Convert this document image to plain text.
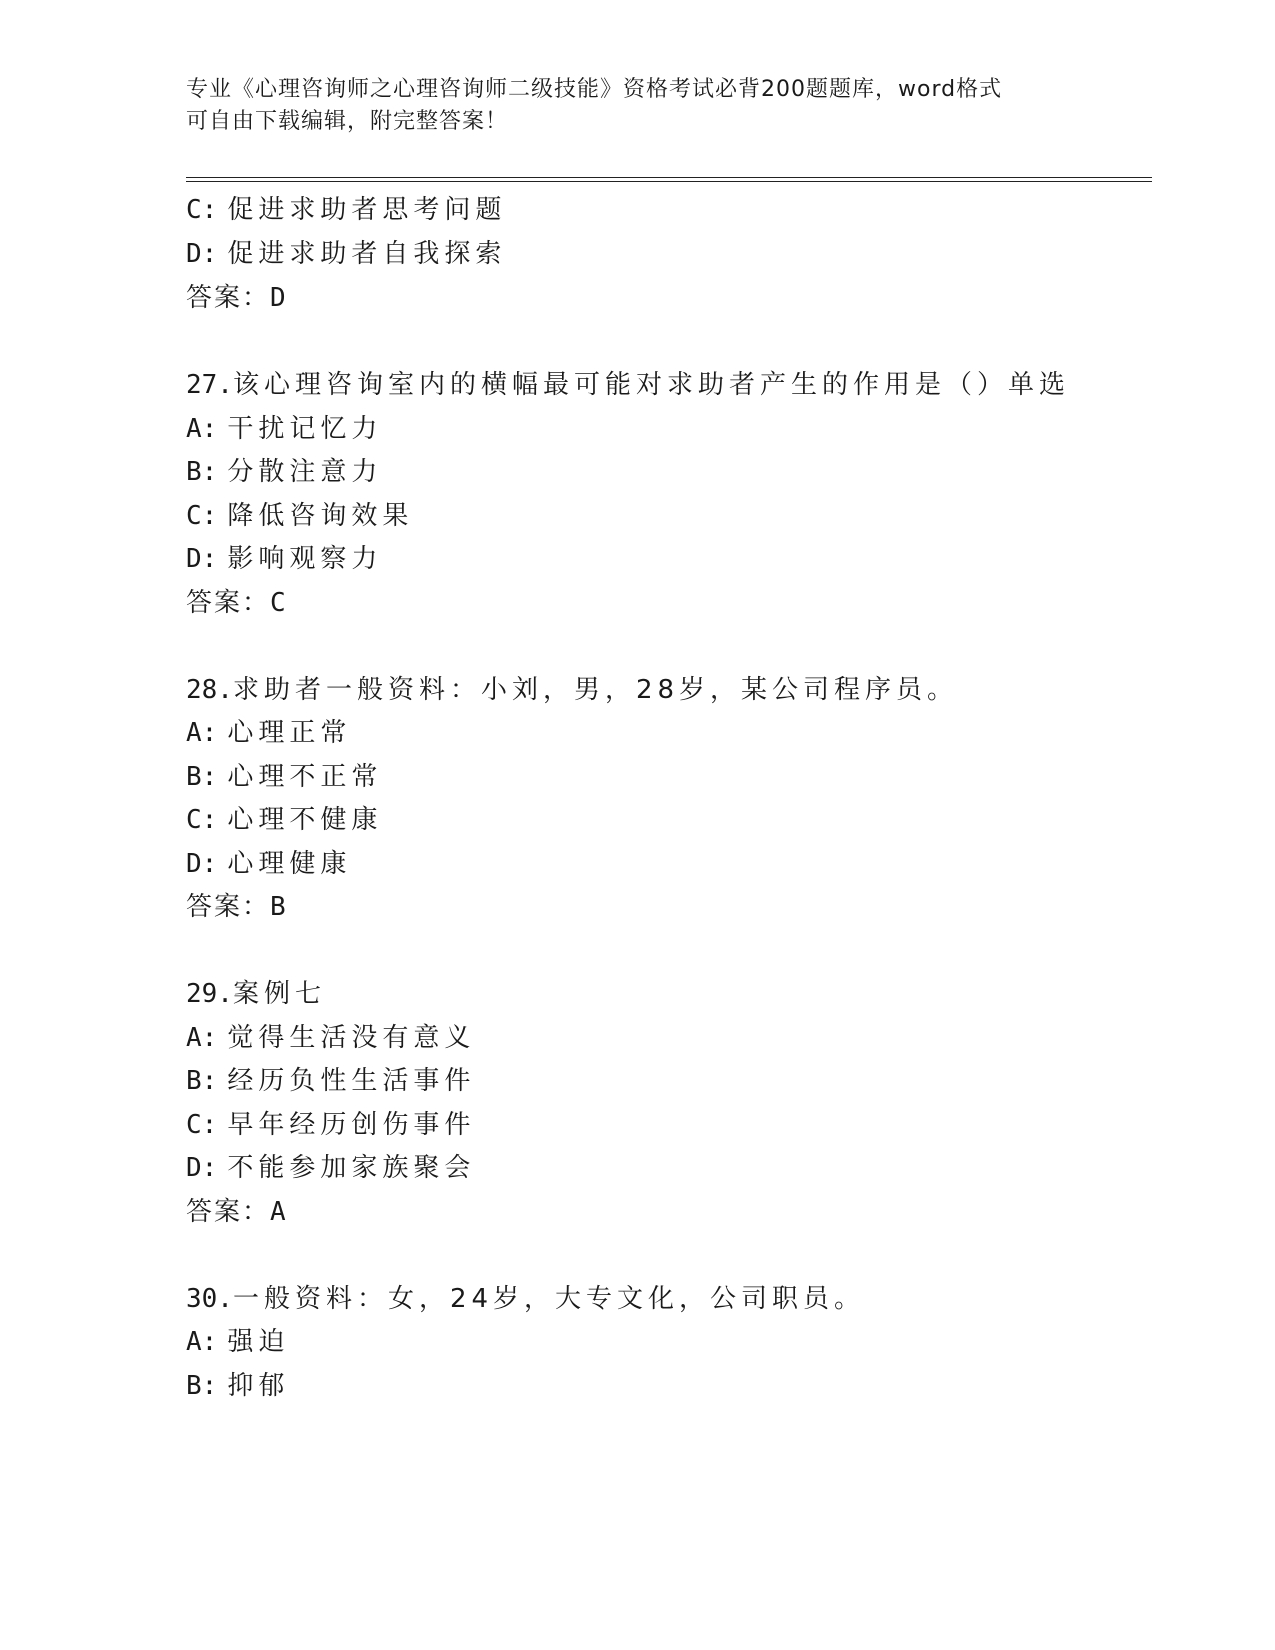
专业《心理咨询师之心理咨询师二级技能》资格考试必背200题题库，word格式
可自由下载编辑，附完整答案！
C: 促进求助者思考问题
D: 促进求助者自我探索
答案：D
27.该心理咨询室内的横幅最可能对求助者产生的作用是（）单选
A: 干扰记忆力
B: 分散注意力
C: 降低咨询效果
D: 影响观察力
答案：C
28.求助者一般资料：小刘，男，28岁，某公司程序员。
A: 心理正常
B: 心理不正常
C: 心理不健康
D: 心理健康
答案：B
29.案例七
A: 觉得生活没有意义
B: 经历负性生活事件
C: 早年经历创伤事件
D: 不能参加家族聚会
答案：A
30.一般资料：女，24岁，大专文化，公司职员。
A: 强迫
B: 抑郁
